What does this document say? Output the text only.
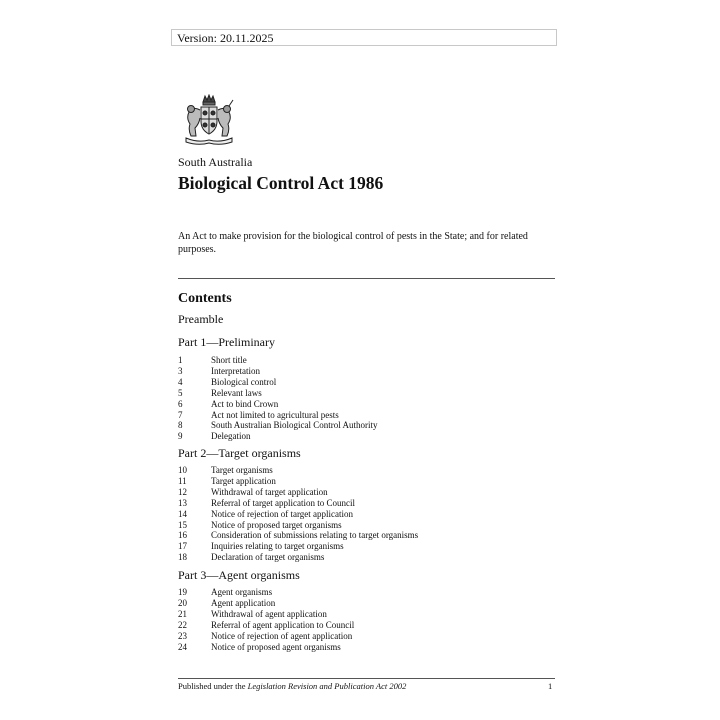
Version: 20.11.2025
South Australia
Biological Control Act 1986

An Act to make provision for the biological control of pests in the State; and for related purposes.

Contents
Preamble
Part 1—Preliminary
1	Short title
3	Interpretation
4	Biological control
5	Relevant laws
6	Act to bind Crown
7	Act not limited to agricultural pests
8	South Australian Biological Control Authority
9	Delegation
Part 2—Target organisms
10	Target organisms
11	Target application
12	Withdrawal of target application
13	Referral of target application to Council
14	Notice of rejection of target application
15	Notice of proposed target organisms
16	Consideration of submissions relating to target organisms
17	Inquiries relating to target organisms
18	Declaration of target organisms
Part 3—Agent organisms
19	Agent organisms
20	Agent application
21	Withdrawal of agent application
22	Referral of agent application to Council
23	Notice of rejection of agent application
24	Notice of proposed agent organisms
Published under the Legislation Revision and Publication Act 2002	1
